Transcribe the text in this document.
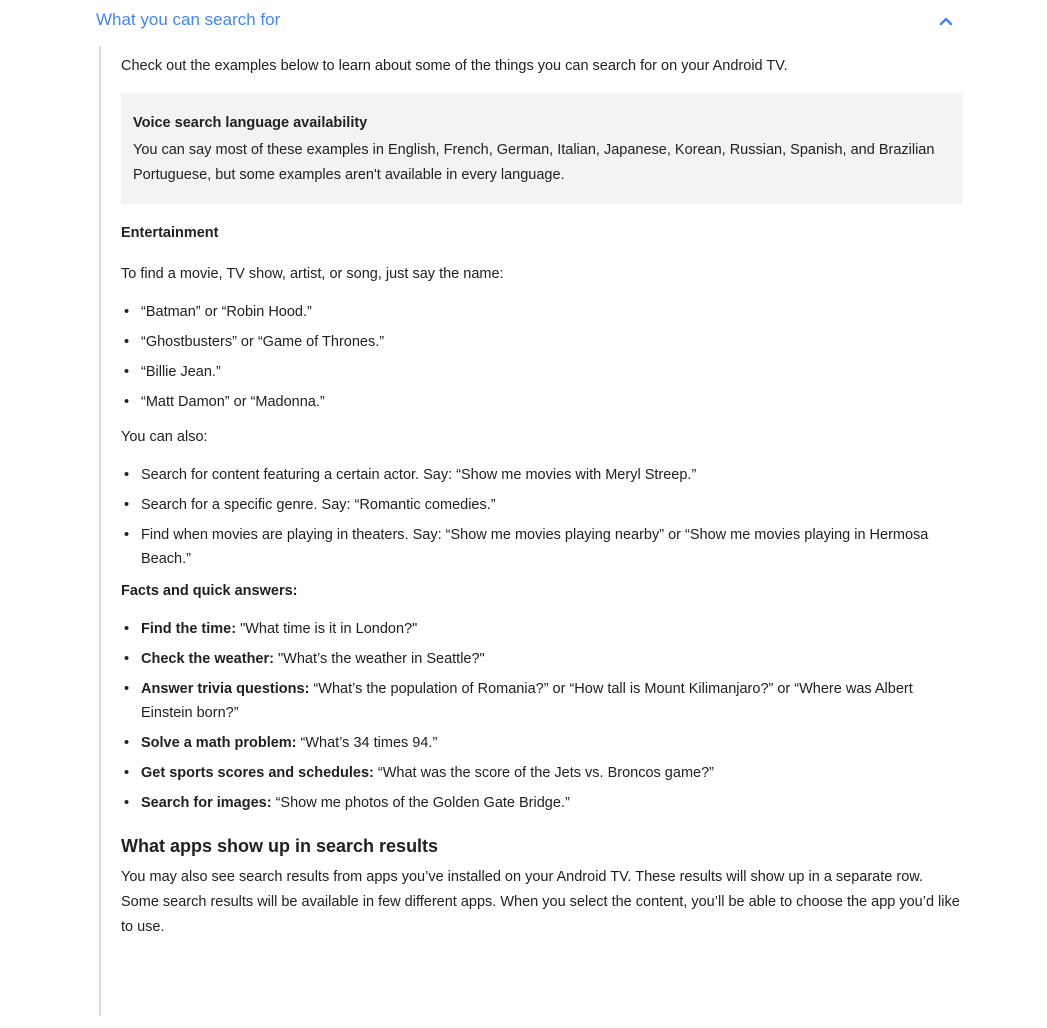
What you can search for

Check out the examples below to learn about some of the things you can search for on your Android TV.

Voice search language availability
You can say most of these examples in English, French, German, Italian, Japanese, Korean, Russian, Spanish, and Brazilian Portuguese, but some examples aren't available in every language.
Entertainment

To find a movie, TV show, artist, or song, just say the name:

• “Batman” or “Robin Hood.”
• “Ghostbusters” or “Game of Thrones.”
• “Billie Jean.”
• “Matt Damon” or “Madonna.”

You can also:

• Search for content featuring a certain actor. Say: “Show me movies with Meryl Streep.”
• Search for a specific genre. Say: “Romantic comedies.”
• Find when movies are playing in theaters. Say: “Show me movies playing nearby” or “Show me movies playing in Hermosa Beach.”
Facts and quick answers:
• Find the time: "What time is it in London?"
• Check the weather: "What’s the weather in Seattle?"
• Answer trivia questions: “What’s the population of Romania?” or “How tall is Mount Kilimanjaro?” or “Where was Albert Einstein born?”
• Solve a math problem: “What’s 34 times 94.”
• Get sports scores and schedules: “What was the score of the Jets vs. Broncos game?”
• Search for images: “Show me photos of the Golden Gate Bridge.”
What apps show up in search results

You may also see search results from apps you’ve installed on your Android TV. These results will show up in a separate row. Some search results will be available in few different apps. When you select the content, you’ll be able to choose the app you’d like to use.
